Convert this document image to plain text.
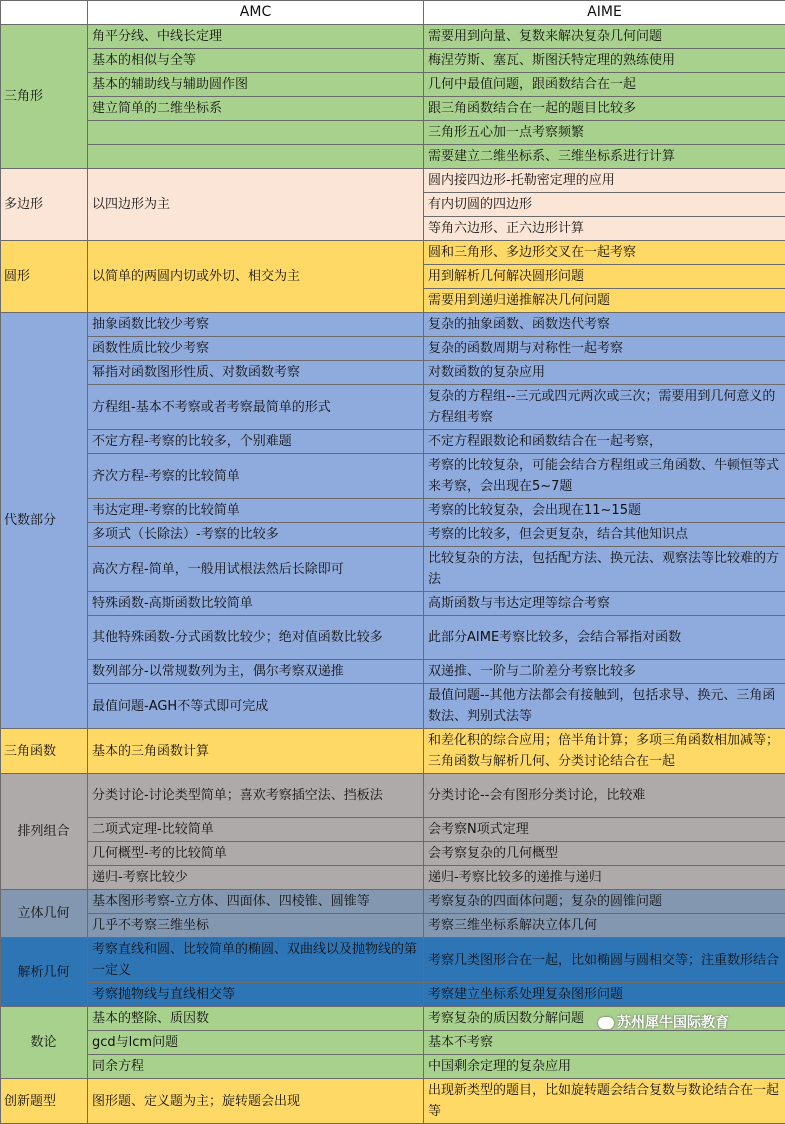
	AMC	AIME
三角形	角平分线、中线长定理	需要用到向量、复数来解决复杂几何问题
	基本的相似与全等	梅涅劳斯、塞瓦、斯图沃特定理的熟练使用
	基本的辅助线与辅助圆作图	几何中最值问题，跟函数结合在一起
	建立简单的二维坐标系	跟三角函数结合在一起的题目比较多
		三角形五心加一点考察频繁
		需要建立二维坐标系、三维坐标系进行计算
多边形	以四边形为主	圆内接四边形-托勒密定理的应用
		有内切圆的四边形
		等角六边形、正六边形计算
圆形	以简单的两圆内切或外切、相交为主	圆和三角形、多边形交叉在一起考察
		用到解析几何解决圆形问题
		需要用到递归递推解决几何问题
代数部分	抽象函数比较少考察	复杂的抽象函数、函数迭代考察
	函数性质比较少考察	复杂的函数周期与对称性一起考察
	幂指对函数图形性质、对数函数考察	对数函数的复杂应用
	方程组-基本不考察或者考察最简单的形式	复杂的方程组--三元或四元两次或三次；需要用到几何意义的方程组考察
	不定方程-考察的比较多，个别难题	不定方程跟数论和函数结合在一起考察，
	齐次方程-考察的比较简单	考察的比较复杂，可能会结合方程组或三角函数、牛顿恒等式来考察，会出现在5~7题
	韦达定理-考察的比较简单	考察的比较复杂，会出现在11~15题
	多项式（长除法）-考察的比较多	考察的比较多，但会更复杂，结合其他知识点
	高次方程-简单，一般用试根法然后长除即可	比较复杂的方法，包括配方法、换元法、观察法等比较难的方法
	特殊函数-高斯函数比较简单	高斯函数与韦达定理等综合考察
	其他特殊函数-分式函数比较少；绝对值函数比较多	此部分AIME考察比较多，会结合幂指对函数
	数列部分-以常规数列为主，偶尔考察双递推	双递推、一阶与二阶差分考察比较多
	最值问题-AGH不等式即可完成	最值问题--其他方法都会有接触到，包括求导、换元、三角函数法、判别式法等
三角函数	基本的三角函数计算	和差化积的综合应用；倍半角计算；多项三角函数相加减等；三角函数与解析几何、分类讨论结合在一起
排列组合	分类讨论-讨论类型简单；喜欢考察插空法、挡板法	分类讨论--会有图形分类讨论，比较难
	二项式定理-比较简单	会考察N项式定理
	几何概型-考的比较简单	会考察复杂的几何概型
	递归-考察比较少	递归-考察比较多的递推与递归
立体几何	基本图形考察-立方体、四面体、四棱锥、圆锥等	考察复杂的四面体问题；复杂的圆锥问题
	几乎不考察三维坐标	考察三维坐标系解决立体几何
解析几何	考察直线和圆、比较简单的椭圆、双曲线以及抛物线的第一定义	考察几类图形合在一起，比如椭圆与圆相交等；注重数形结合
	考察抛物线与直线相交等	考察建立坐标系处理复杂图形问题
数论	基本的整除、质因数	考察复杂的质因数分解问题
	gcd与lcm问题	基本不考察
	同余方程	中国剩余定理的复杂应用
创新题型	图形题、定义题为主；旋转题会出现	出现新类型的题目，比如旋转题会结合复数与数论结合在一起等
苏州犀牛国际教育
